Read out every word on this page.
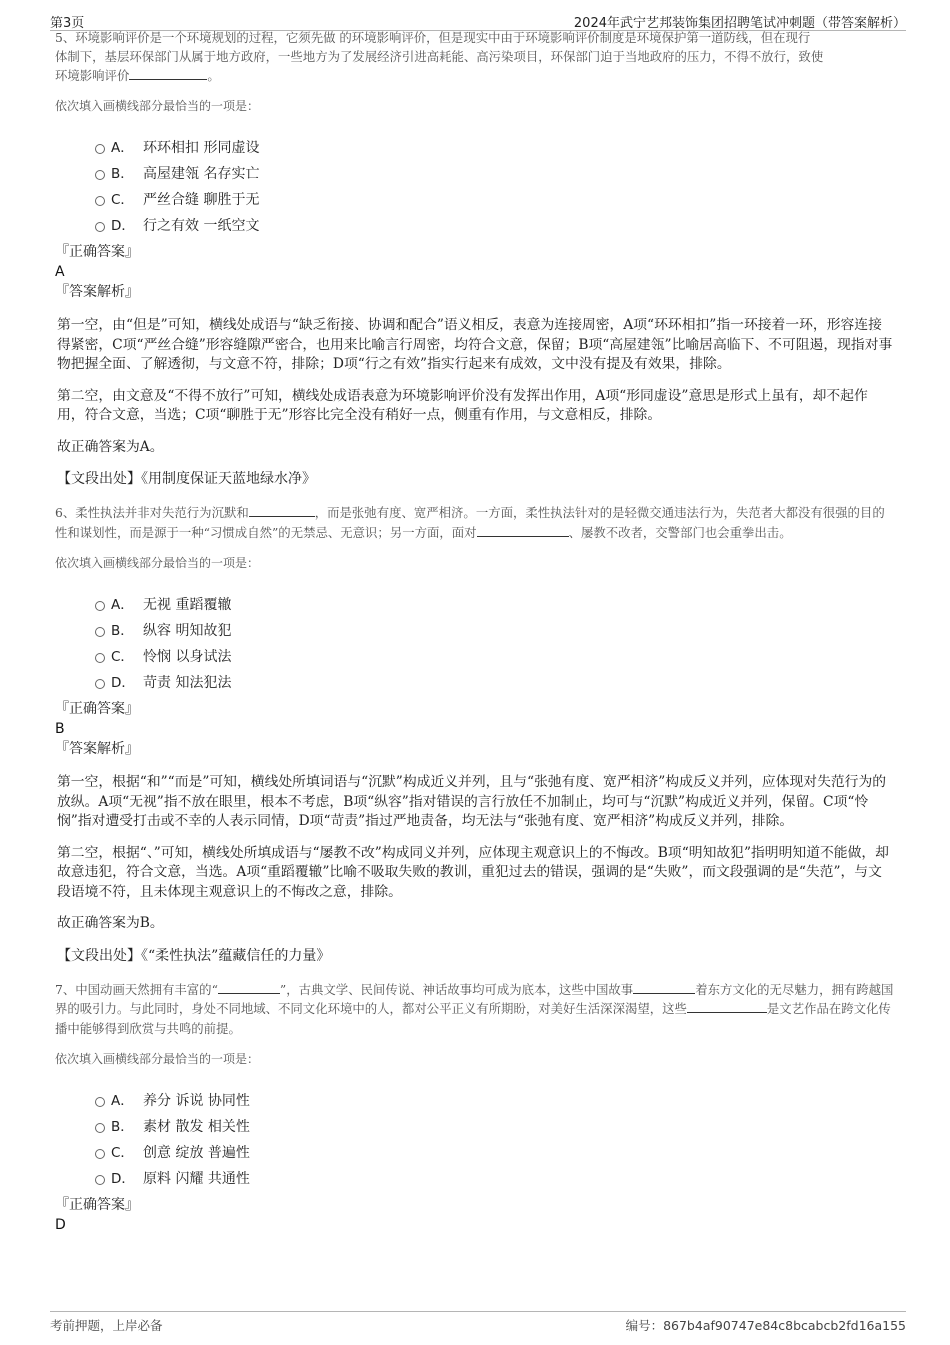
第3页	2024年武宁艺邦装饰集团招聘笔试冲刺题（带答案解析）

5、环境影响评价是一个环境规划的过程，它须先做 的环境影响评价，但是现实中由于环境影响评价制度是环境保护第一道防线，但在现行

体制下，基层环保部门从属于地方政府，一些地方为了发展经济引进高耗能、高污染项目，环保部门迫于当地政府的压力，不得不放行，致使
环境影响评价	。

依次填入画横线部分最恰当的一项是：

A． 环环相扣 形同虚设
B． 高屋建瓴 名存实亡
C． 严丝合缝 聊胜于无
D． 行之有效 一纸空文

『正确答案』

A

『答案解析』

第一空，由“但是”可知，横线处成语与“缺乏衔接、协调和配合”语义相反，表意为连接周密，A项“环环相扣”指一环接着一环，形容连接得紧密，C项“严丝合缝”形容缝隙严密合，也用来比喻言行周密，均符合文意，保留；B项“高屋建瓴”比喻居高临下、不可阻遏，现指对事物把握全面、了解透彻，与文意不符，排除；D项“行之有效”指实行起来有成效，文中没有提及有效果，排除。

第二空，由文意及“不得不放行”可知，横线处成语表意为环境影响评价没有发挥出作用，A项“形同虚设”意思是形式上虽有，却不起作用，符合文意，当选；C项“聊胜于无”形容比完全没有稍好一点，侧重有作用，与文意相反，排除。

故正确答案为A。

【文段出处】《用制度保证天蓝地绿水净》

6、柔性执法并非对失范行为沉默和	，而是张弛有度、宽严相济。一方面，柔性执法针对的是轻微交通违法行为，失范者大都没有很强的目的性和谋划性，而是源于一种“习惯成自然”的无禁忌、无意识；另一方面，面对	、屡教不改者，交警部门也会重拳出击。

依次填入画横线部分最恰当的一项是：

A． 无视 重蹈覆辙
B． 纵容 明知故犯
C． 怜悯 以身试法
D． 苛责 知法犯法

『正确答案』

B

『答案解析』

第一空，根据“和”“而是”可知，横线处所填词语与“沉默”构成近义并列，且与“张弛有度、宽严相济”构成反义并列，应体现对失范行为的放纵。A项“无视”指不放在眼里，根本不考虑，B项“纵容”指对错误的言行放任不加制止，均可与“沉默”构成近义并列，保留。C项“怜悯”指对遭受打击或不幸的人表示同情，D项“苛责”指过严地责备，均无法与“张弛有度、宽严相济”构成反义并列，排除。

第二空，根据“、”可知，横线处所填成语与“屡教不改”构成同义并列，应体现主观意识上的不悔改。B项“明知故犯”指明明知道不能做，却故意违犯，符合文意，当选。A项“重蹈覆辙”比喻不吸取失败的教训，重犯过去的错误，强调的是“失败”，而文段强调的是“失范”，与文段语境不符，且未体现主观意识上的不悔改之意，排除。

故正确答案为B。

【文段出处】《“柔性执法”蕴藏信任的力量》

7、中国动画天然拥有丰富的“	”，古典文学、民间传说、神话故事均可成为底本，这些中国故事	着东方文化的无尽魅力，拥有跨越国界的吸引力。与此同时，身处不同地域、不同文化环境中的人，都对公平正义有所期盼，对美好生活深深渴望，这些	是文艺作品在跨文化传播中能够得到欣赏与共鸣的前提。

依次填入画横线部分最恰当的一项是：

A． 养分 诉说 协同性
B． 素材 散发 相关性
C． 创意 绽放 普遍性
D． 原料 闪耀 共通性

『正确答案』

D

考前押题，上岸必备	编号：867b4af90747e84c8bcabcb2fd16a155
